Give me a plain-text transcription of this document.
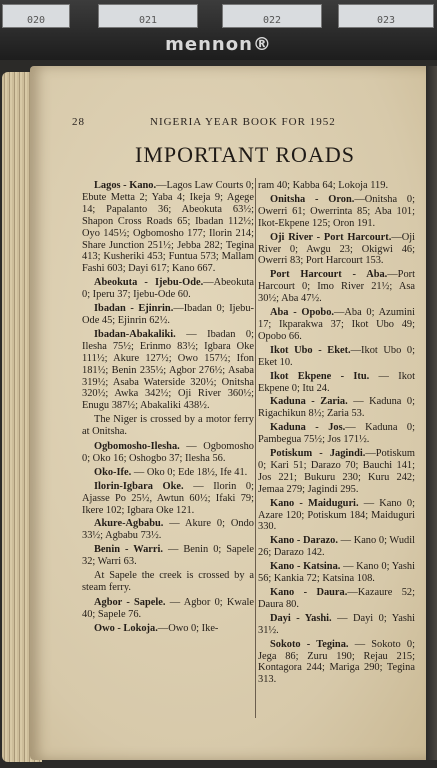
020	021	022	023
mennon®
28	NIGERIA YEAR BOOK FOR 1952
IMPORTANT ROADS

Lagos - Kano.—Lagos Law Courts 0; Ebute Metta 2; Yaba 4; Ikeja 9; Agege 14; Papalanto 36; Abeokuta 63½; Shapon Cross Roads 65; Ibadan 112½; Oyo 145½; Ogbomosho 177; Ilorin 214; Share Junction 251½; Jebba 282; Tegina 413; Kusheriki 453; Funtua 573; Mallam Fashi 603; Dayi 617; Kano 667.

Abeokuta - Ijebu-Ode.—Abeokuta 0; Iperu 37; Ijebu-Ode 60.

Ibadan - Ejinrin.—Ibadan 0; Ijebu-Ode 45; Ejinrin 62½.

Ibadan-Abakaliki. — Ibadan 0; Ilesha 75½; Erinmo 83½; Igbara Oke 111½; Akure 127½; Owo 157½; Ifon 181½; Benin 235½; Agbor 276½; Asaba 319½; Asaba Waterside 320½; Onitsha 320½; Awka 342½; Oji River 360½; Enugu 387½; Abakaliki 438½.

The Niger is crossed by a motor ferry at Onitsha.

Ogbomosho-Ilesha. — Ogbomosho 0; Oko 16; Oshogbo 37; Ilesha 56.

Oko-Ife. — Oko 0; Ede 18½, Ife 41.

Ilorin-Igbara Oke. — Ilorin 0; Ajasse Po 25½, Awtun 60½; Ifaki 79; Ikere 102; Igbara Oke 121.

Akure-Agbabu. — Akure 0; Ondo 33½; Agbabu 73½.

Benin - Warri. — Benin 0; Sapele 32; Warri 63.

At Sapele the creek is crossed by a steam ferry.

Agbor - Sapele. — Agbor 0; Kwale 40; Sapele 76.

Owo - Lokoja.—Owo 0; Ike-

ram 40; Kabba 64; Lokoja 119.

Onitsha - Oron.—Onitsha 0; Owerri 61; Owerrinta 85; Aba 101; Ikot-Ekpene 125; Oron 191.

Oji River - Port Harcourt.—Oji River 0; Awgu 23; Okigwi 46; Owerri 83; Port Harcourt 153.

Port Harcourt - Aba.—Port Harcourt 0; Imo River 21½; Asa 30½; Aba 47½.

Aba - Opobo.—Aba 0; Azumini 17; Ikparakwa 37; Ikot Ubo 49; Opobo 66.

Ikot Ubo - Eket.—Ikot Ubo 0; Eket 10.

Ikot Ekpene - Itu. — Ikot Ekpene 0; Itu 24.

Kaduna - Zaria. — Kaduna 0; Rigachikun 8½; Zaria 53.

Kaduna - Jos.— Kaduna 0; Pambegua 75½; Jos 171½.

Potiskum - Jagindi.—Potiskum 0; Kari 51; Darazo 70; Bauchi 141; Jos 221; Bukuru 230; Kuru 242; Jemaa 279; Jagindi 295.

Kano - Maiduguri. — Kano 0; Azare 120; Potiskum 184; Maiduguri 330.

Kano - Darazo. — Kano 0; Wudil 26; Darazo 142.

Kano - Katsina. — Kano 0; Yashi 56; Kankia 72; Katsina 108.

Kano - Daura.—Kazaure 52; Daura 80.

Dayi - Yashi. — Dayi 0; Yashi 31½.

Sokoto - Tegina. — Sokoto 0; Jega 86; Zuru 190; Rejau 215; Kontagora 244; Mariga 290; Tegina 313.
